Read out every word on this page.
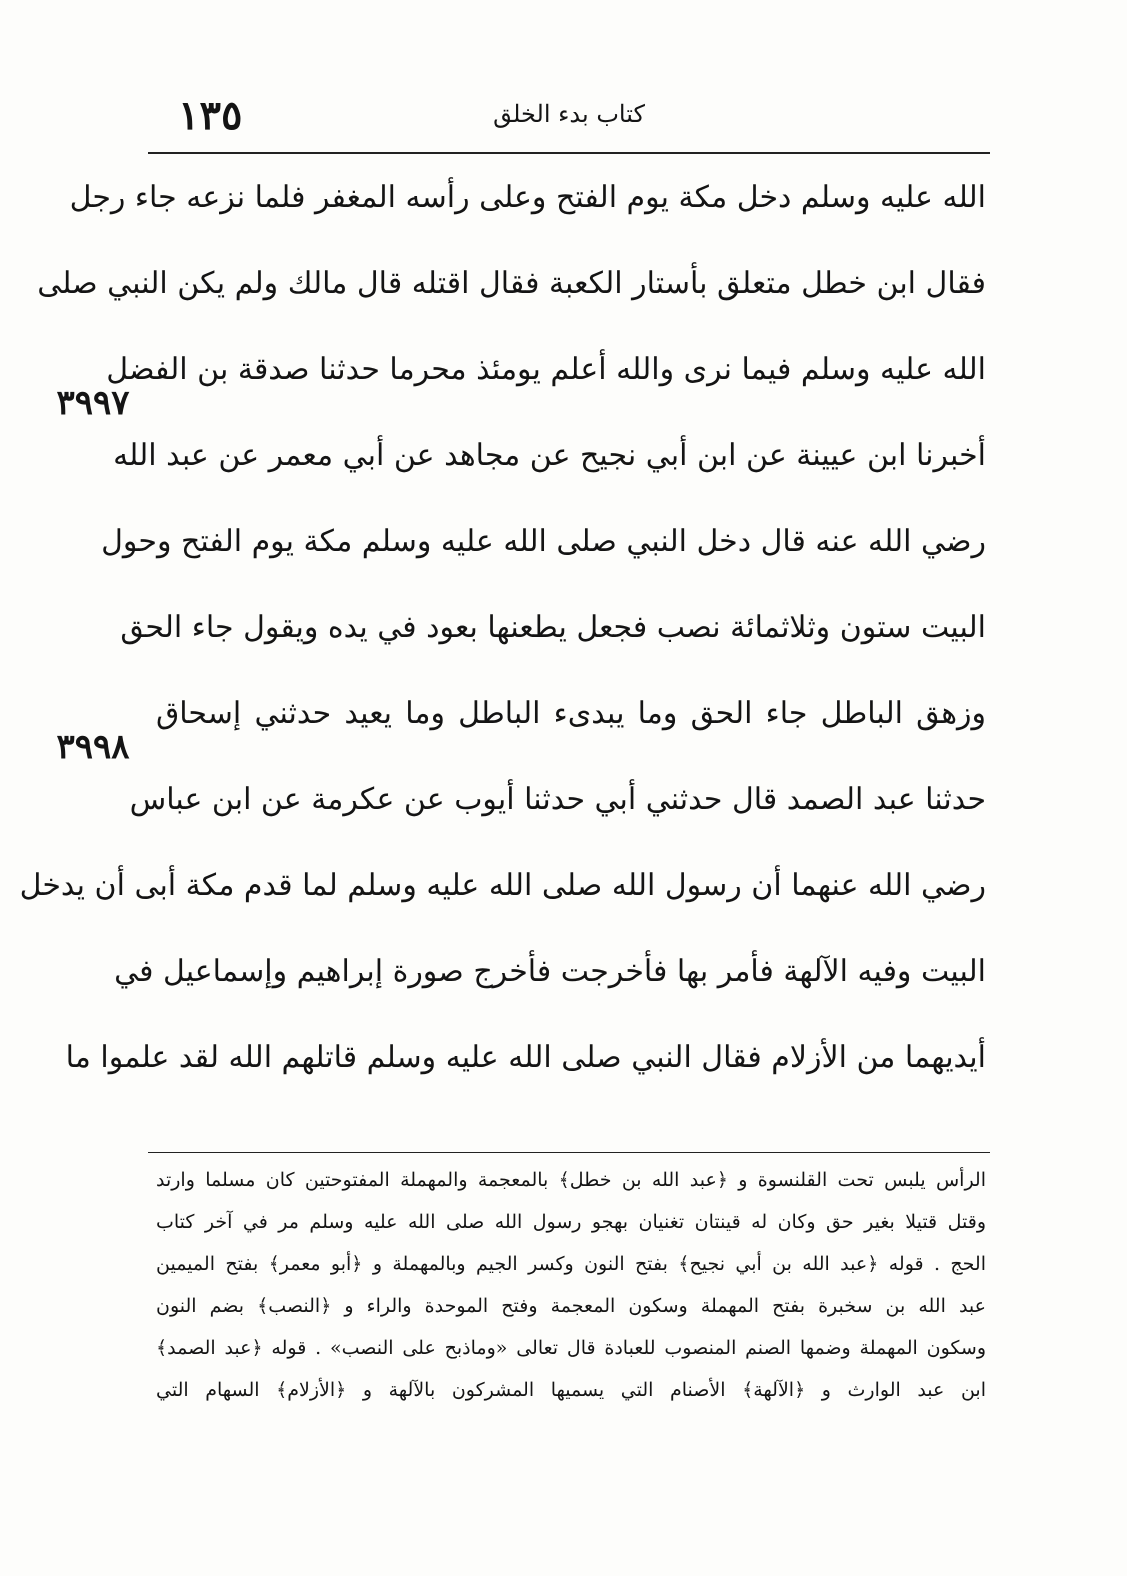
١٣٥	كتاب بدء الخلق
الله عليه وسلم دخل مكة يوم الفتح وعلى رأسه المغفر فلما نزعه جاء رجل
فقال ابن خطل متعلق بأستار الكعبة فقال اقتله قال مالك ولم يكن النبي صلى
الله عليه وسلم فيما نرى والله أعلم يومئذ محرما حدثنا صدقة بن الفضل
أخبرنا ابن عيينة عن ابن أبي نجيح عن مجاهد عن أبي معمر عن عبد الله
رضي الله عنه قال دخل النبي صلى الله عليه وسلم مكة يوم الفتح وحول
البيت ستون وثلاثمائة نصب فجعل يطعنها بعود في يده ويقول جاء الحق
وزهق الباطل جاء الحق وما يبدىء الباطل وما يعيد حدثني إسحاق
حدثنا عبد الصمد قال حدثني أبي حدثنا أيوب عن عكرمة عن ابن عباس
رضي الله عنهما أن رسول الله صلى الله عليه وسلم لما قدم مكة أبى أن يدخل
البيت وفيه الآلهة فأمر بها فأخرجت فأخرج صورة إبراهيم وإسماعيل في
أيديهما من الأزلام فقال النبي صلى الله عليه وسلم قاتلهم الله لقد علموا ما
٣٩٩٧
٣٩٩٨
الرأس يلبس تحت القلنسوة و ﴿عبد الله بن خطل﴾ بالمعجمة والمهملة المفتوحتين كان مسلما وارتد
وقتل قتيلا بغير حق وكان له قينتان تغنيان بهجو رسول الله صلى الله عليه وسلم مر في آخر كتاب
الحج . قوله ﴿عبد الله بن أبي نجيح﴾ بفتح النون وكسر الجيم وبالمهملة و ﴿أبو معمر﴾ بفتح الميمين
عبد الله بن سخبرة بفتح المهملة وسكون المعجمة وفتح الموحدة والراء و ﴿النصب﴾ بضم النون
وسكون المهملة وضمها الصنم المنصوب للعبادة قال تعالى «وماذبح على النصب» . قوله ﴿عبد الصمد﴾
ابن عبد الوارث و ﴿الآلهة﴾ الأصنام التي يسميها المشركون بالآلهة و ﴿الأزلام﴾ السهام التي
